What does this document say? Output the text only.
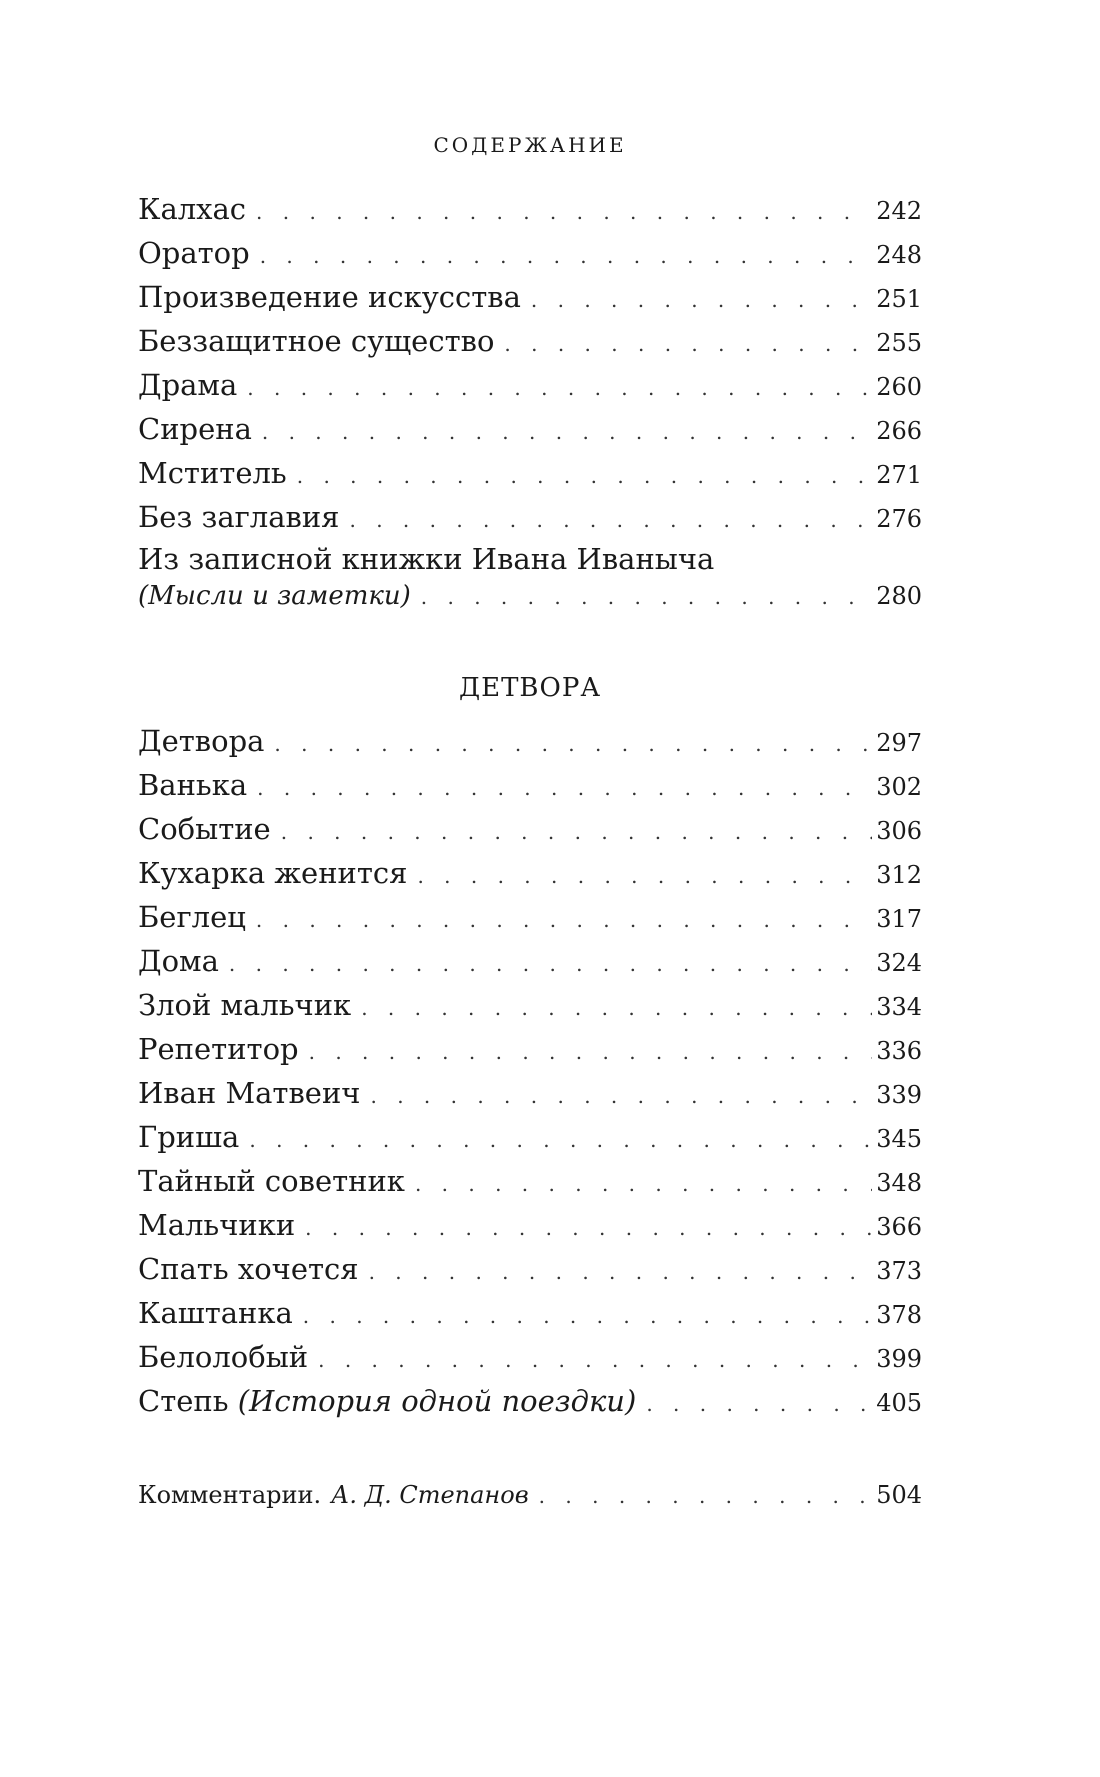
СОДЕРЖАНИЕ
Калхас . . .	242
Оратор . . .	248
Произведение искусства . . .	251
Беззащитное существо . . .	255
Драма . . .	260
Сирена . . .	266
Мститель . . .	271
Без заглавия . . .	276
Из записной книжки Ивана Иваныча
(Мысли и заметки) . . .	280
ДЕТВОРА
Детвора . . .	297
Ванька . . .	302
Событие . . .	306
Кухарка женится . . .	312
Беглец . . .	317
Дома . . .	324
Злой мальчик . . .	334
Репетитор . . .	336
Иван Матвеич . . .	339
Гриша . . .	345
Тайный советник . . .	348
Мальчики . . .	366
Спать хочется . . .	373
Каштанка . . .	378
Белолобый . . .	399
Степь (История одной поездки) . . .	405
Комментарии. А. Д. Степанов . . .	504
